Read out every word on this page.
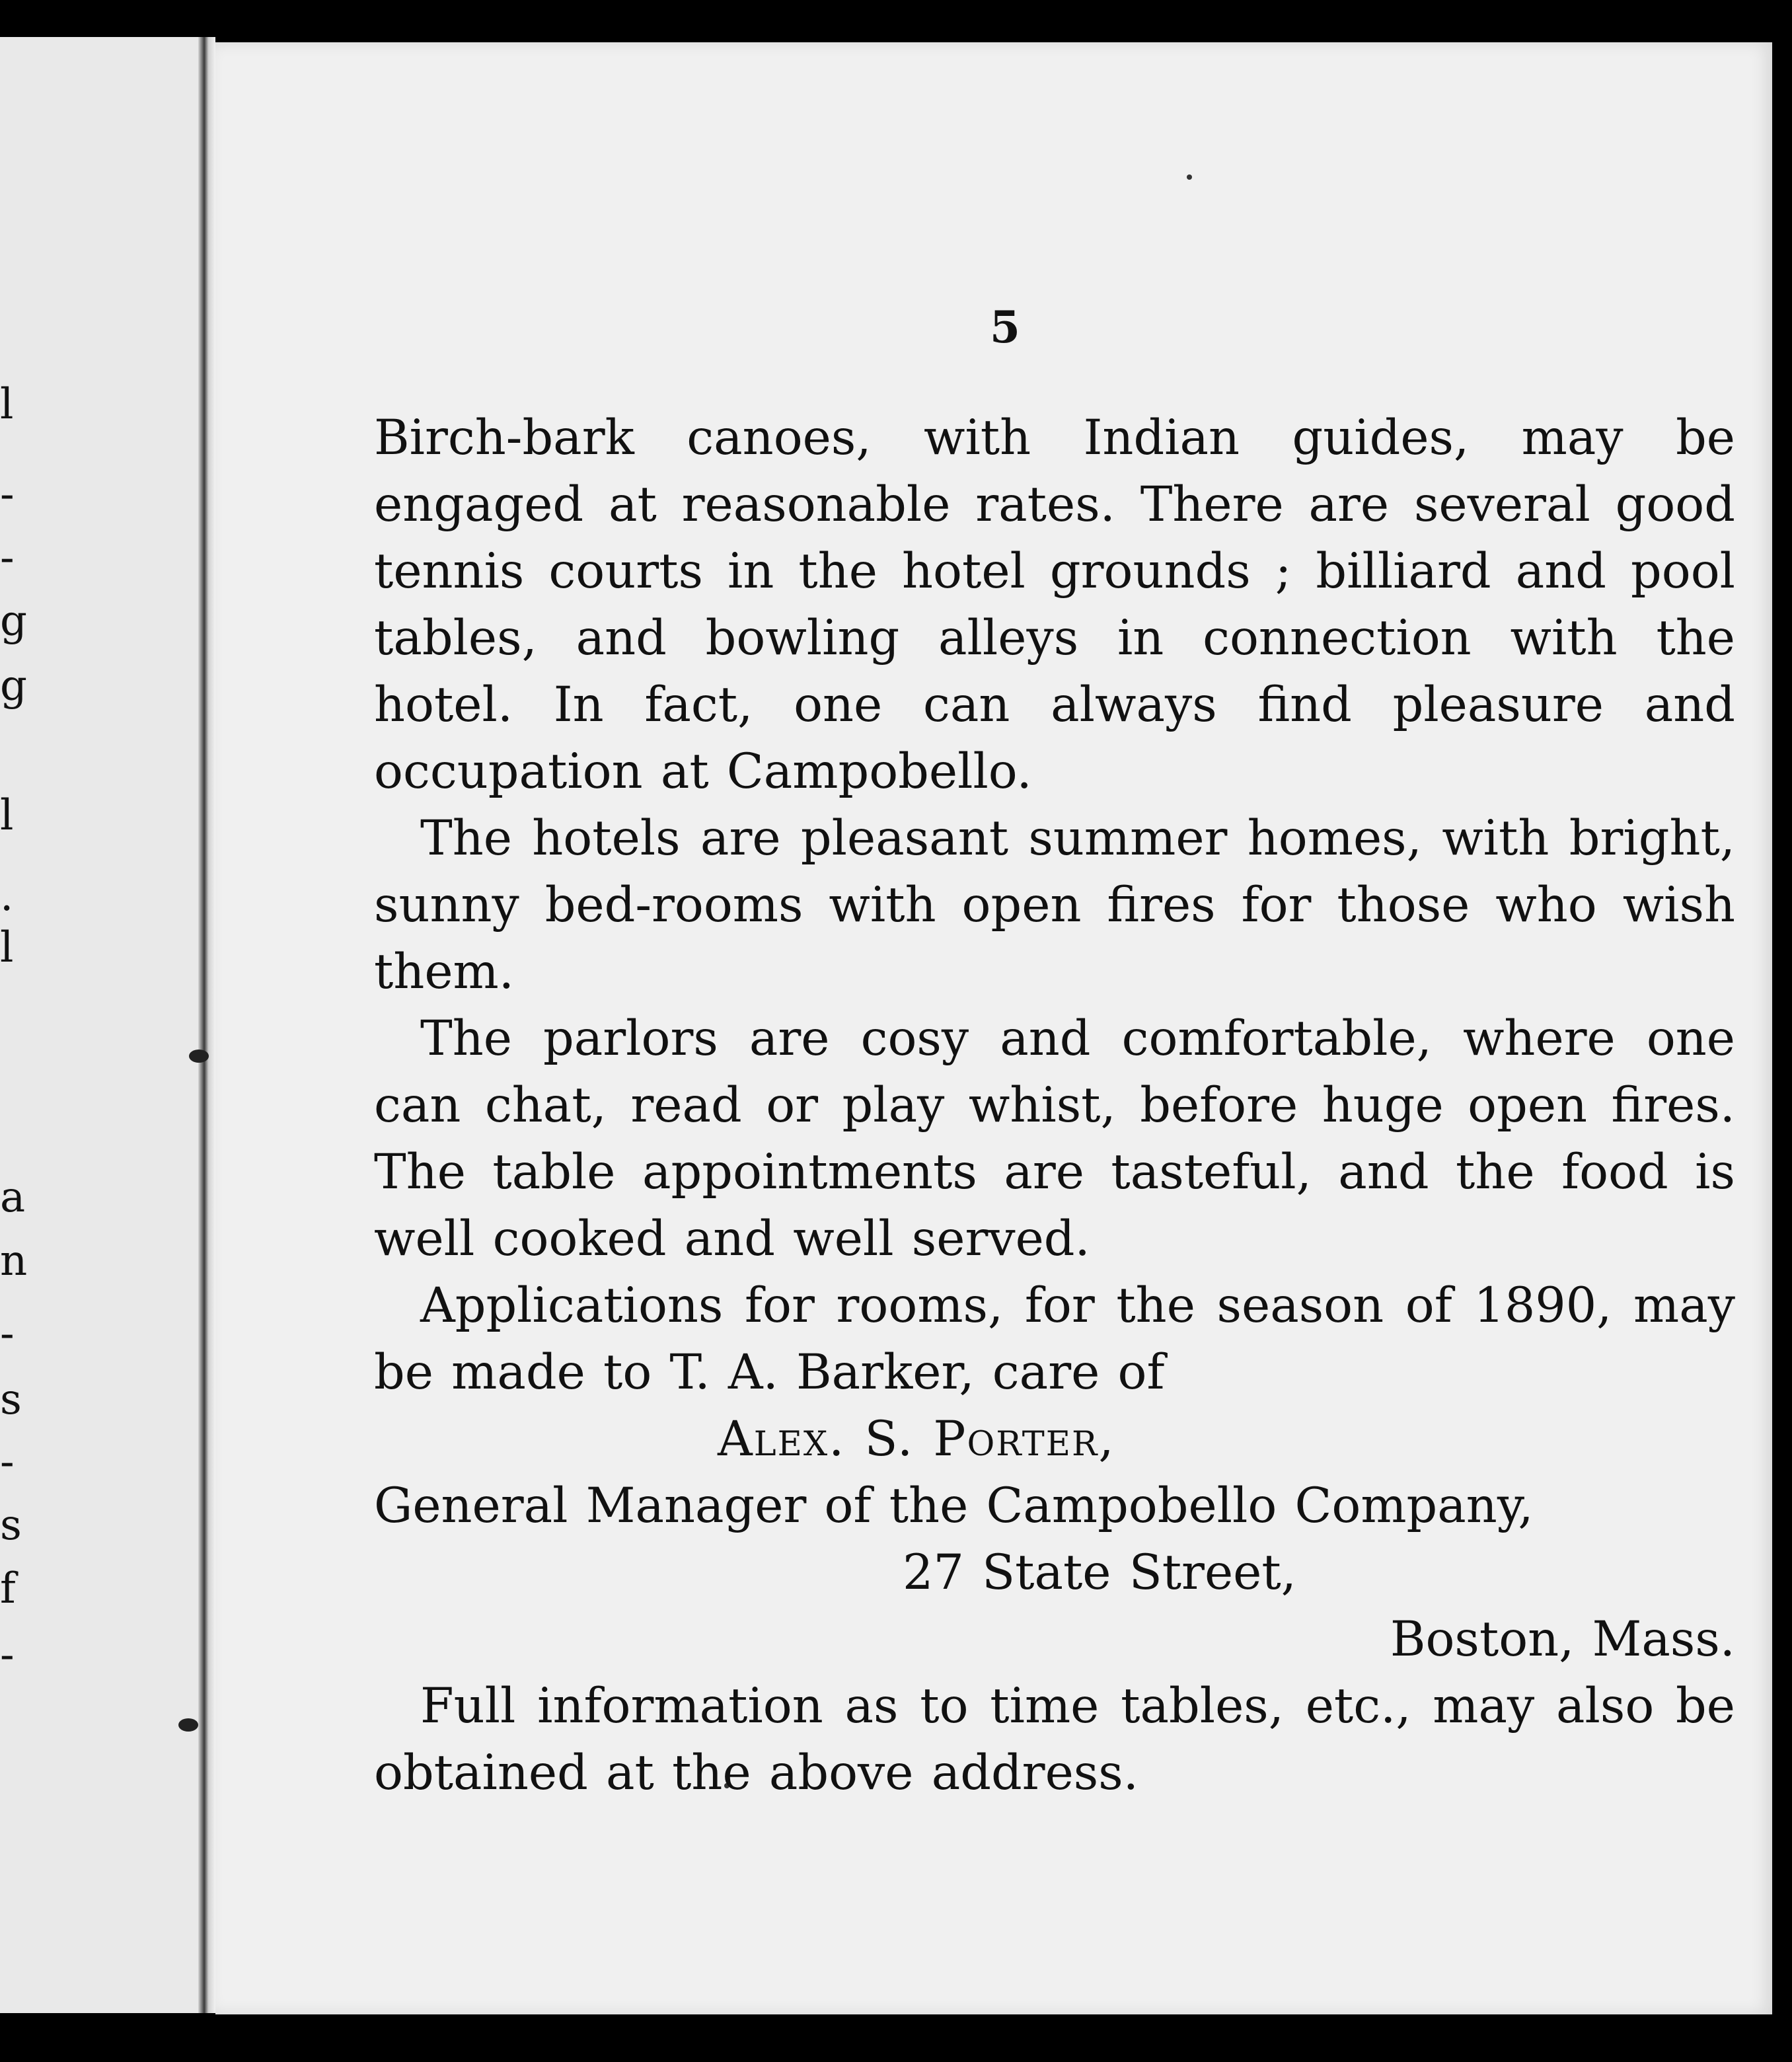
l
-
-
g
g
l
.
l
a
n
-
s
-
s
f
-
5

Birch-bark canoes, with Indian guides, may be engaged at reasonable rates. There are several good tennis courts in the hotel grounds ; billiard and pool tables, and bowling alleys in connection with the hotel. In fact, one can always find pleasure and occupation at Campobello.

The hotels are pleasant summer homes, with bright, sunny bed-rooms with open fires for those who wish them.

The parlors are cosy and comfortable, where one can chat, read or play whist, before huge open fires. The table appointments are tasteful, and the food is well cooked and well served.

Applications for rooms, for the season of 1890, may be made to T. A. Barker, care of

Alex. S. Porter,

General Manager of the Campobello Company,

27 State Street,

Boston, Mass.

Full information as to time tables, etc., may also be obtained at the above address.
